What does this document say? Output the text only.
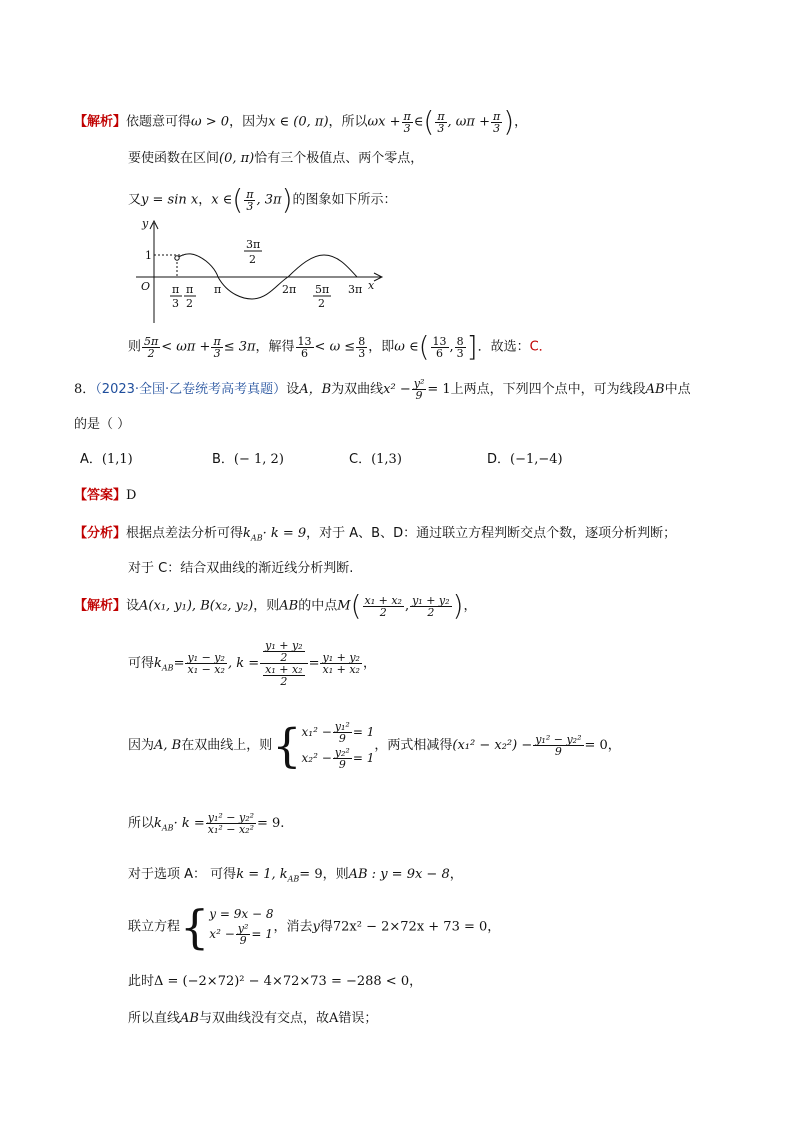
【解析】依题意可得ω > 0，因为x ∈ (0, π)，所以$\omega x + \frac{\pi}{3}$ ∈( $\frac{\pi}{3}$ , $\omega\pi + \frac{\pi}{3}$ )，
要使函数在区间(0, π)恰有三个极值点、两个零点，
又y = sin x，x ∈( $\frac{\pi}{3}$ , 3π)的图象如下所示：
y
x
O
1
π
3
π
2
π
3π
2
2π 5π
2
3π
则 $\frac{5\pi}{2} < \omega\pi + \frac{\pi}{3} \le 3\pi$，解得 $\frac{13}{6} < \omega \le \frac{8}{3}$ ，即ω ∈( $\frac{13}{6}$ , $\frac{8}{3}$ ]．故选：C．
8．（2023·全国·乙卷统考高考真题）设A，B为双曲线$x^2 - \frac{\text{y²}}{9} = 1$上两点，下列四个点中，可为线段AB中点
的是（ ）
A．(1,1)	B．(− 1, 2)	C．(1,3)	D．(−1,−4)
【答案】D
【分析】根据点差法分析可得$k_{AB}\cdot k = 9$，对于 A、B、D：通过联立方程判断交点个数，逐项分析判断；
对于 C：结合双曲线的渐近线分析判断.
【解析】设A(x₁, y₁), B(x₂, y₂)，则AB的中点$M( \frac{\text{x₁ + x₂}}{2}$ , $\frac{\text{y₁ + y₂}}{2}$ )，
可得$k_{AB}= \frac{\text{y₁ − y₂}}{\text{x₁ − x₂}}$ , $k = \frac{\frac{\text{y₁ + y₂}}{2}}{\frac{\text{x₁ + x₂}}{2}} = \frac{\text{y₁ + y₂}}{\text{x₁ + x₂}}$ ，
因为A, B在双曲线上，则{ $x_1^2 - \frac{\text{y₁²}}{9} = 1$
$x_2^2 - \frac{\text{y₂²}}{9} = 1$
，两式相减得$(x_1^2 - x_2^2) - \frac{\text{y₁² − y₂²}}{9} = 0$，
所以$k_{AB}\cdot k = \frac{\text{y₁² − y₂²}}{\text{x₁² − x₂²}} = 9$.
对于选项 A： 可得k = 1, $k_{AB}= 9$，则AB : y = 9x − 8，
联立方程{ y = 9x − 8
$x^2 - \frac{\text{y²}}{9} = 1$ ，消去y得72x² − 2×72x + 73 = 0，
此时Δ = (−2×72)² − 4×72×73 = −288 < 0，
所以直线AB与双曲线没有交点，故A错误；
